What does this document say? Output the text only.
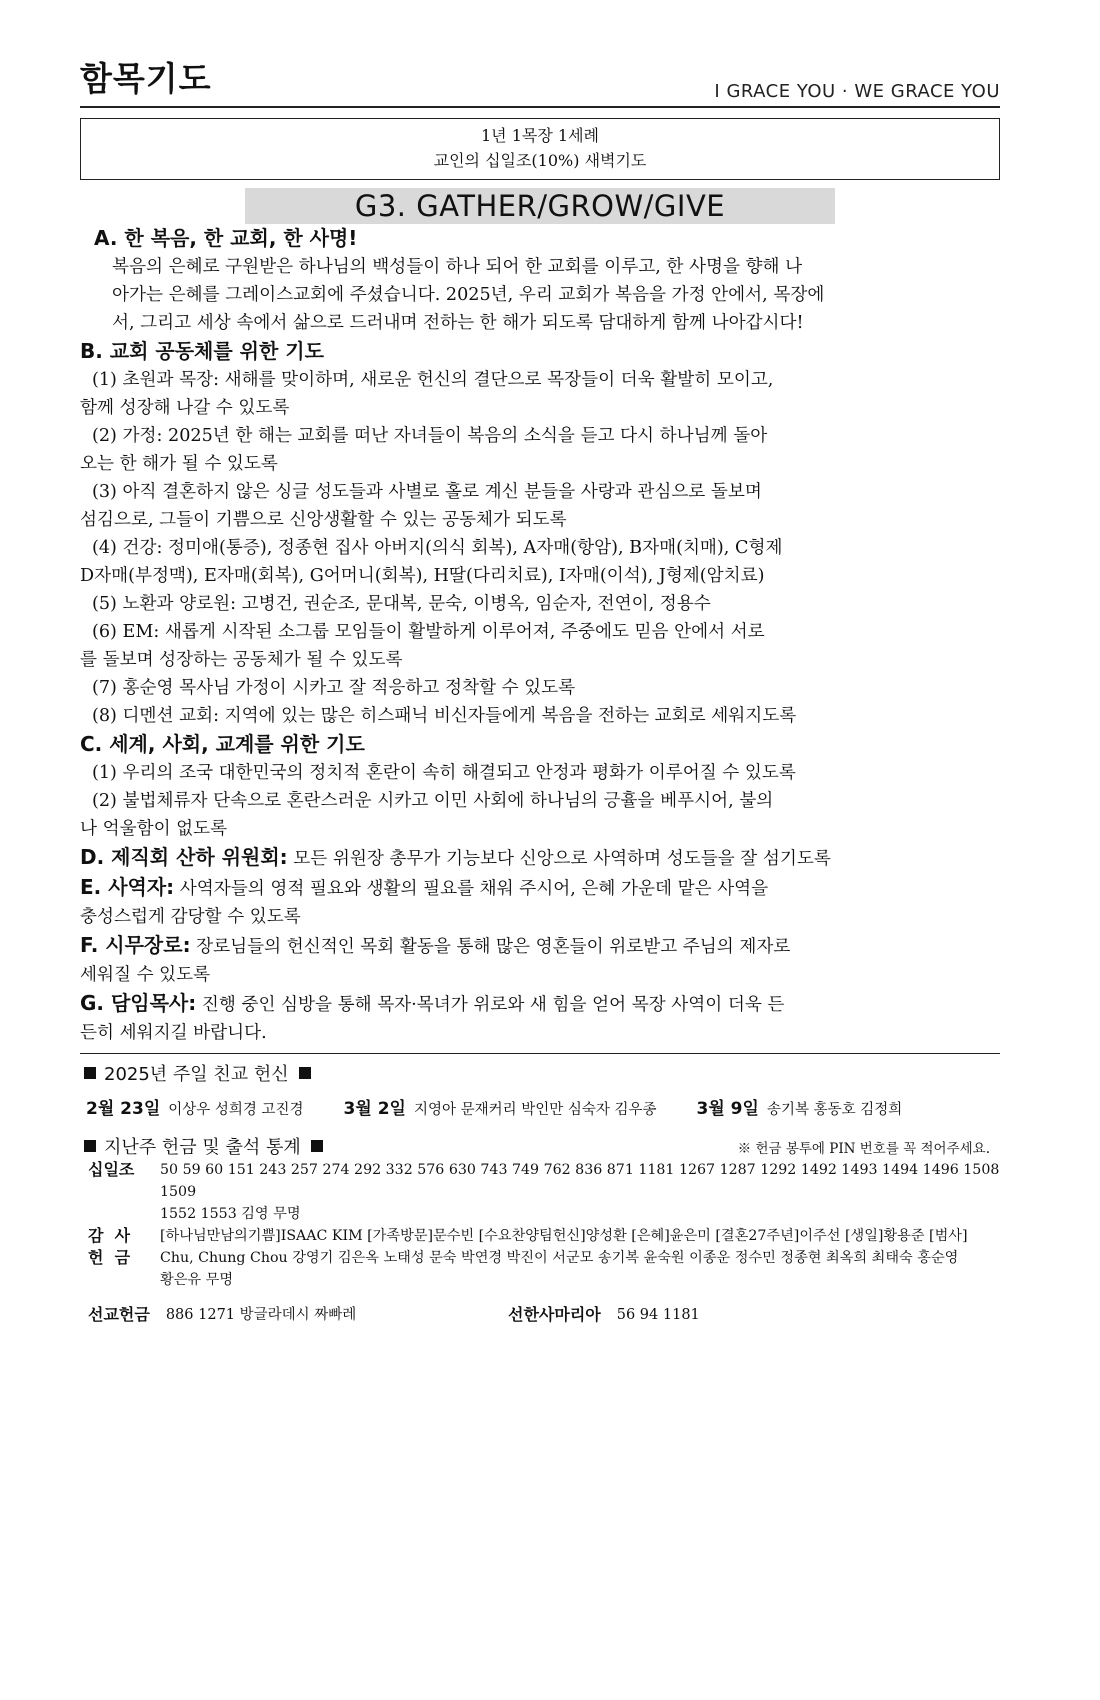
함목기도	I GRACE YOU · WE GRACE YOU
1년 1목장 1세례
교인의 십일조(10%) 새벽기도
G3. GATHER/GROW/GIVE
A. 한 복음, 한 교회, 한 사명!
복음의 은혜로 구원받은 하나님의 백성들이 하나 되어 한 교회를 이루고, 한 사명을 향해 나
아가는 은혜를 그레이스교회에 주셨습니다. 2025년, 우리 교회가 복음을 가정 안에서, 목장에
서, 그리고 세상 속에서 삶으로 드러내며 전하는 한 해가 되도록 담대하게 함께 나아갑시다!
B. 교회 공동체를 위한 기도
(1) 초원과 목장: 새해를 맞이하며, 새로운 헌신의 결단으로 목장들이 더욱 활발히 모이고,
함께 성장해 나갈 수 있도록
(2) 가정: 2025년 한 해는 교회를 떠난 자녀들이 복음의 소식을 듣고 다시 하나님께 돌아
오는 한 해가 될 수 있도록
(3) 아직 결혼하지 않은 싱글 성도들과 사별로 홀로 계신 분들을 사랑과 관심으로 돌보며
섬김으로, 그들이 기쁨으로 신앙생활할 수 있는 공동체가 되도록
(4) 건강: 정미애(통증), 정종현 집사 아버지(의식 회복), A자매(항암), B자매(치매), C형제
D자매(부정맥), E자매(회복), G어머니(회복), H딸(다리치료), I자매(이석), J형제(암치료)
(5) 노환과 양로원: 고병건, 권순조, 문대복, 문숙, 이병옥, 임순자, 전연이, 정용수
(6) EM: 새롭게 시작된 소그룹 모임들이 활발하게 이루어져, 주중에도 믿음 안에서 서로
를 돌보며 성장하는 공동체가 될 수 있도록
(7) 홍순영 목사님 가정이 시카고 잘 적응하고 정착할 수 있도록
(8) 디멘션 교회: 지역에 있는 많은 히스패닉 비신자들에게 복음을 전하는 교회로 세워지도록
C. 세계, 사회, 교계를 위한 기도
(1) 우리의 조국 대한민국의 정치적 혼란이 속히 해결되고 안정과 평화가 이루어질 수 있도록
(2) 불법체류자 단속으로 혼란스러운 시카고 이민 사회에 하나님의 긍휼을 베푸시어, 불의
나 억울함이 없도록
D. 제직회 산하 위원회: 모든 위원장 총무가 기능보다 신앙으로 사역하며 성도들을 잘 섬기도록
E. 사역자: 사역자들의 영적 필요와 생활의 필요를 채워 주시어, 은혜 가운데 맡은 사역을
충성스럽게 감당할 수 있도록
F. 시무장로: 장로님들의 헌신적인 목회 활동을 통해 많은 영혼들이 위로받고 주님의 제자로
세워질 수 있도록
G. 담임목사: 진행 중인 심방을 통해 목자·목녀가 위로와 새 힘을 얻어 목장 사역이 더욱 든
든히 세워지길 바랍니다.
2025년 주일 친교 헌신
2월 23일 이상우 성희경 고진경 3월 2일 지영아 문재커리 박인만 심숙자 김우종 3월 9일 송기복 홍동호 김정희
지난주 헌금 및 출석 통계	※ 헌금 봉투에 PIN 번호를 꼭 적어주세요.
십일조	50 59 60 151 243 257 274 292 332 576 630 743 749 762 836 871 1181 1267 1287 1292 1492 1493 1494 1496 1508 1509
1552 1553 김영 무명
감  사	[하나님만남의기쁨]ISAAC KIM [가족방문]문수빈 [수요찬양팀헌신]양성환 [은혜]윤은미 [결혼27주년]이주선 [생일]황용준 [범사]
헌  금	Chu, Chung Chou 강영기 김은옥 노태성 문숙 박연경 박진이 서군모 송기복 윤숙원 이종운 정수민 정종현 최옥희 최태숙 홍순영
황은유 무명
선교헌금 886 1271 방글라데시 짜빠레	선한사마리아 56 94 1181
